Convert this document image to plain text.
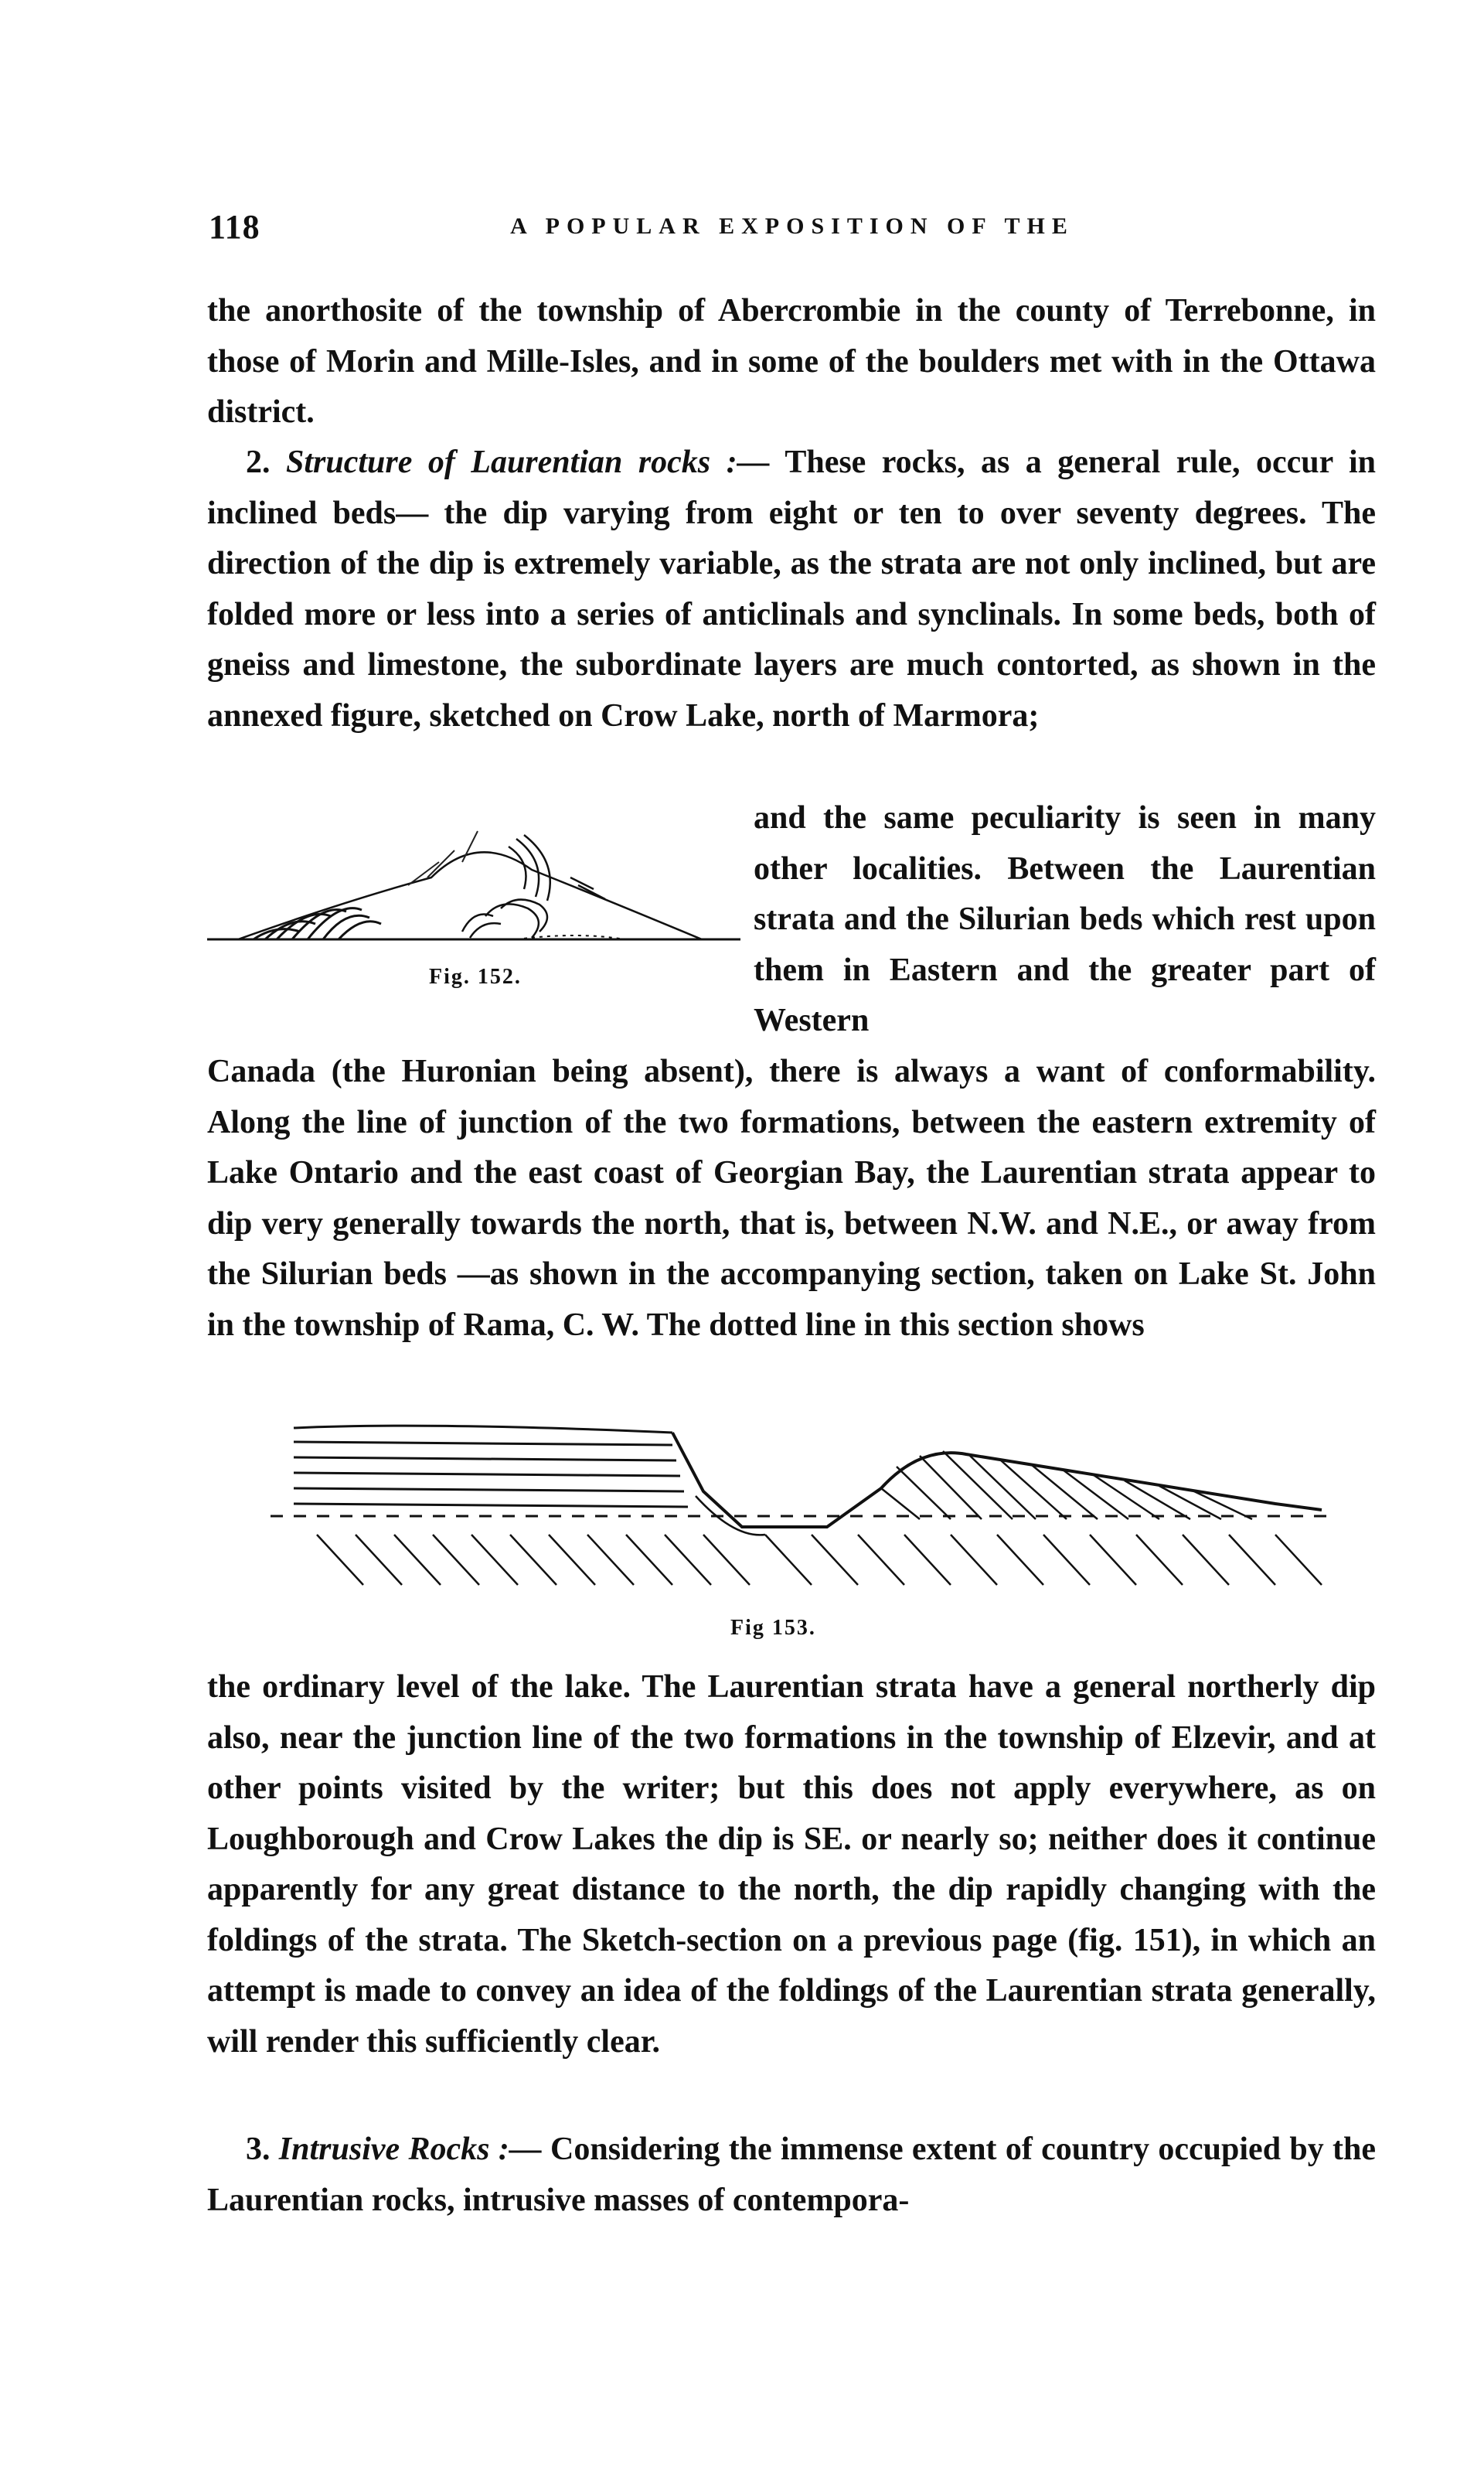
118	A POPULAR EXPOSITION OF THE

the anorthosite of the township of Abercrombie in the county of Terrebonne, in those of Morin and Mille-Isles, and in some of the boulders met with in the Ottawa district.

2. Structure of Laurentian rocks :— These rocks, as a general rule, occur in inclined beds— the dip varying from eight or ten to over seventy degrees. The direction of the dip is extremely variable, as the strata are not only inclined, but are folded more or less into a series of anticlinals and synclinals. In some beds, both of gneiss and limestone, the subordinate layers are much contorted, as shown in the annexed figure, sketched on Crow Lake, north of Marmora;

Fig. 152.

and the same peculiarity is seen in many other localities. Between the Laurentian strata and the Silurian beds which rest upon them in Eastern and the greater part of Western

Canada (the Huronian being absent), there is always a want of conformability. Along the line of junction of the two formations, between the eastern extremity of Lake Ontario and the east coast of Georgian Bay, the Laurentian strata appear to dip very generally towards the north, that is, between N.W. and N.E., or away from the Silurian beds —as shown in the accompanying section, taken on Lake St. John in the township of Rama, C. W. The dotted line in this section shows

Fig 153.

the ordinary level of the lake. The Laurentian strata have a general northerly dip also, near the junction line of the two formations in the township of Elzevir, and at other points visited by the writer; but this does not apply everywhere, as on Loughborough and Crow Lakes the dip is SE. or nearly so; neither does it continue apparently for any great distance to the north, the dip rapidly changing with the foldings of the strata. The Sketch-section on a previous page (fig. 151), in which an attempt is made to convey an idea of the foldings of the Laurentian strata generally, will render this sufficiently clear.

3. Intrusive Rocks :— Considering the immense extent of country occupied by the Laurentian rocks, intrusive masses of contempora-
